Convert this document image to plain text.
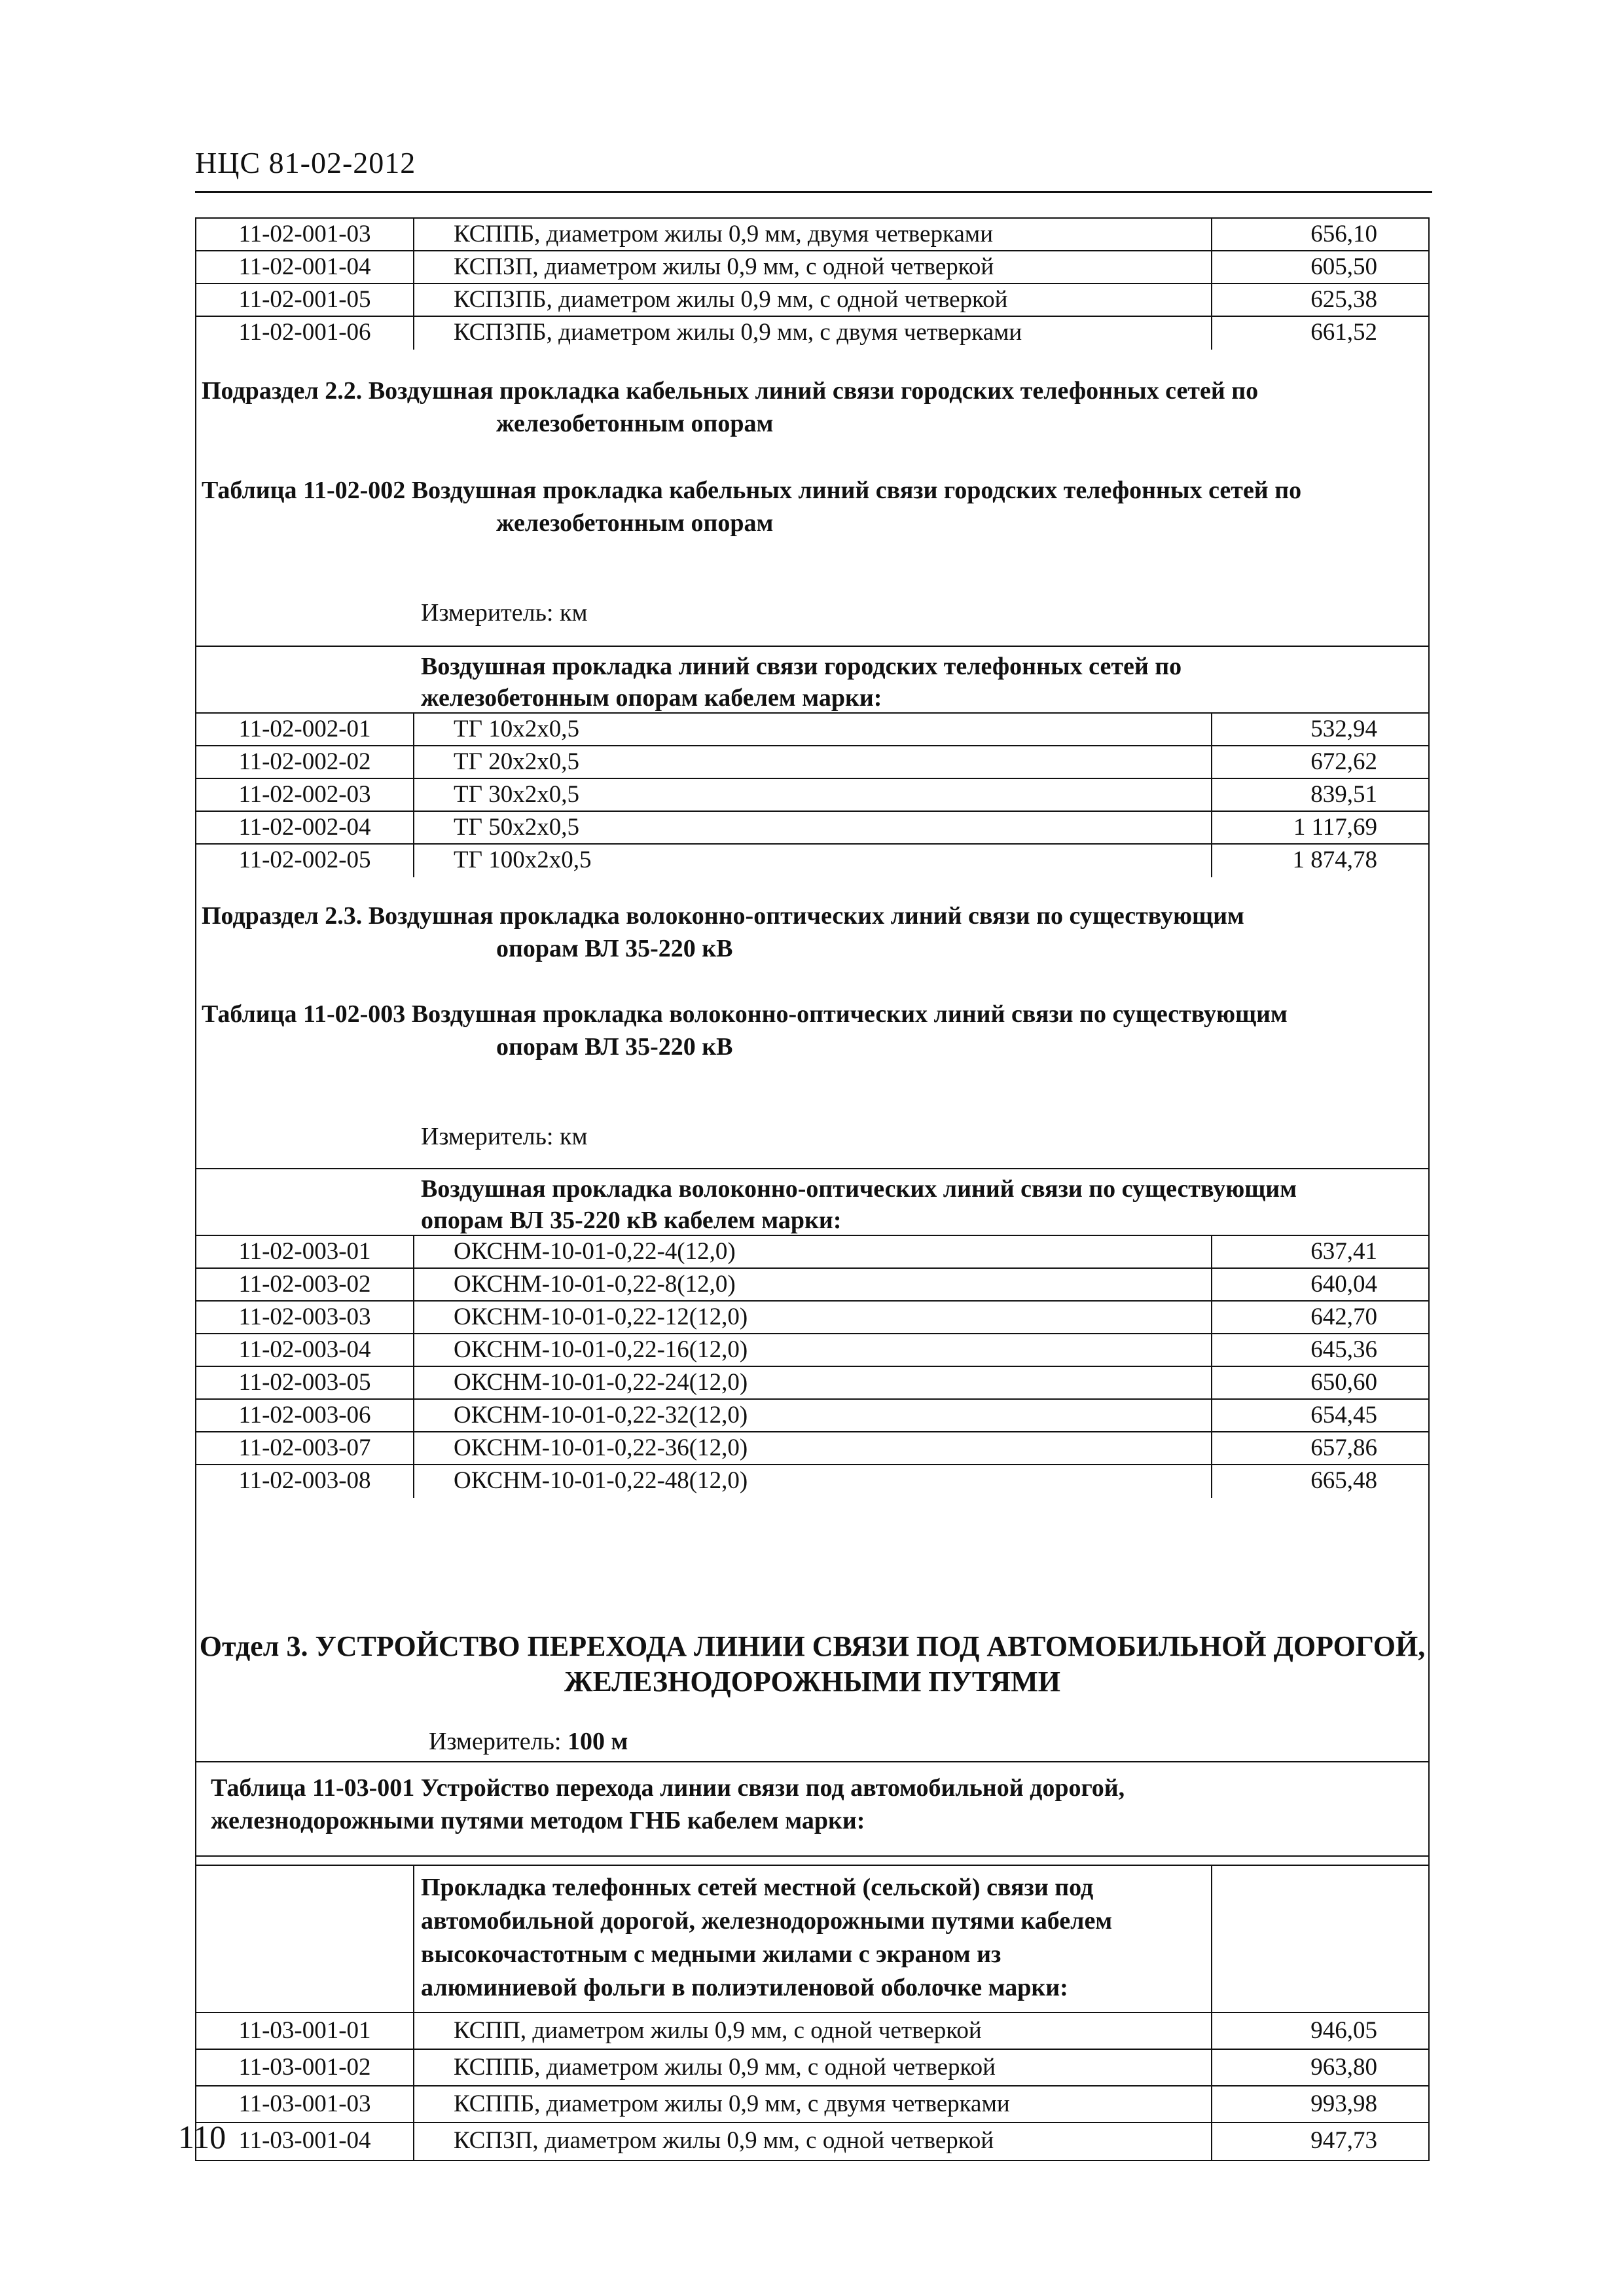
НЦС 81-02-2012
11-02-001-03	КСППБ, диаметром жилы 0,9 мм, двумя четверками	656,10
11-02-001-04	КСПЗП, диаметром жилы 0,9 мм, с одной четверкой	605,50
11-02-001-05	КСПЗПБ, диаметром жилы 0,9 мм, с одной четверкой	625,38
11-02-001-06	КСПЗПБ, диаметром жилы 0,9 мм, с двумя четверками	661,52

Подраздел 2.2. Воздушная прокладка кабельных линий связи городских телефонных сетей по

железобетонным опорам

Таблица 11-02-002 Воздушная прокладка кабельных линий связи городских телефонных сетей по

железобетонным опорам

Измеритель: км
Воздушная прокладка линий связи городских телефонных сетей по
железобетонным опорам кабелем марки:
11-02-002-01	ТГ 10х2х0,5	532,94
11-02-002-02	ТГ 20х2х0,5	672,62
11-02-002-03	ТГ 30х2х0,5	839,51
11-02-002-04	ТГ 50х2х0,5	1 117,69
11-02-002-05	ТГ 100х2х0,5	1 874,78

Подраздел 2.3. Воздушная прокладка волоконно-оптических линий связи по существующим

опорам ВЛ 35-220 кВ

Таблица 11-02-003 Воздушная прокладка волоконно-оптических линий связи по существующим

опорам ВЛ 35-220 кВ

Измеритель: км
Воздушная прокладка волоконно-оптических линий связи по существующим
опорам ВЛ 35-220 кВ кабелем марки:
11-02-003-01	ОКСНМ-10-01-0,22-4(12,0)	637,41
11-02-003-02	ОКСНМ-10-01-0,22-8(12,0)	640,04
11-02-003-03	ОКСНМ-10-01-0,22-12(12,0)	642,70
11-02-003-04	ОКСНМ-10-01-0,22-16(12,0)	645,36
11-02-003-05	ОКСНМ-10-01-0,22-24(12,0)	650,60
11-02-003-06	ОКСНМ-10-01-0,22-32(12,0)	654,45
11-02-003-07	ОКСНМ-10-01-0,22-36(12,0)	657,86
11-02-003-08	ОКСНМ-10-01-0,22-48(12,0)	665,48
Отдел 3. УСТРОЙСТВО ПЕРЕХОДА ЛИНИИ СВЯЗИ ПОД АВТОМОБИЛЬНОЙ ДОРОГОЙ,
ЖЕЛЕЗНОДОРОЖНЫМИ ПУТЯМИ
Измеритель: 100 м

Таблица 11-03-001 Устройство перехода линии связи под автомобильной дорогой,

железнодорожными путями методом ГНБ кабелем марки:

Прокладка телефонных сетей местной (сельской) связи под
автомобильной дорогой, железнодорожными путями кабелем
высокочастотным с медными жилами с экраном из
алюминиевой фольги в полиэтиленовой оболочке марки:
11-03-001-01	КСПП, диаметром жилы 0,9 мм, с одной четверкой	946,05
11-03-001-02	КСППБ, диаметром жилы 0,9 мм, с одной четверкой	963,80
11-03-001-03	КСППБ, диаметром жилы 0,9 мм, с двумя четверками	993,98
11-03-001-04	КСПЗП, диаметром жилы 0,9 мм, с одной четверкой	947,73
110
